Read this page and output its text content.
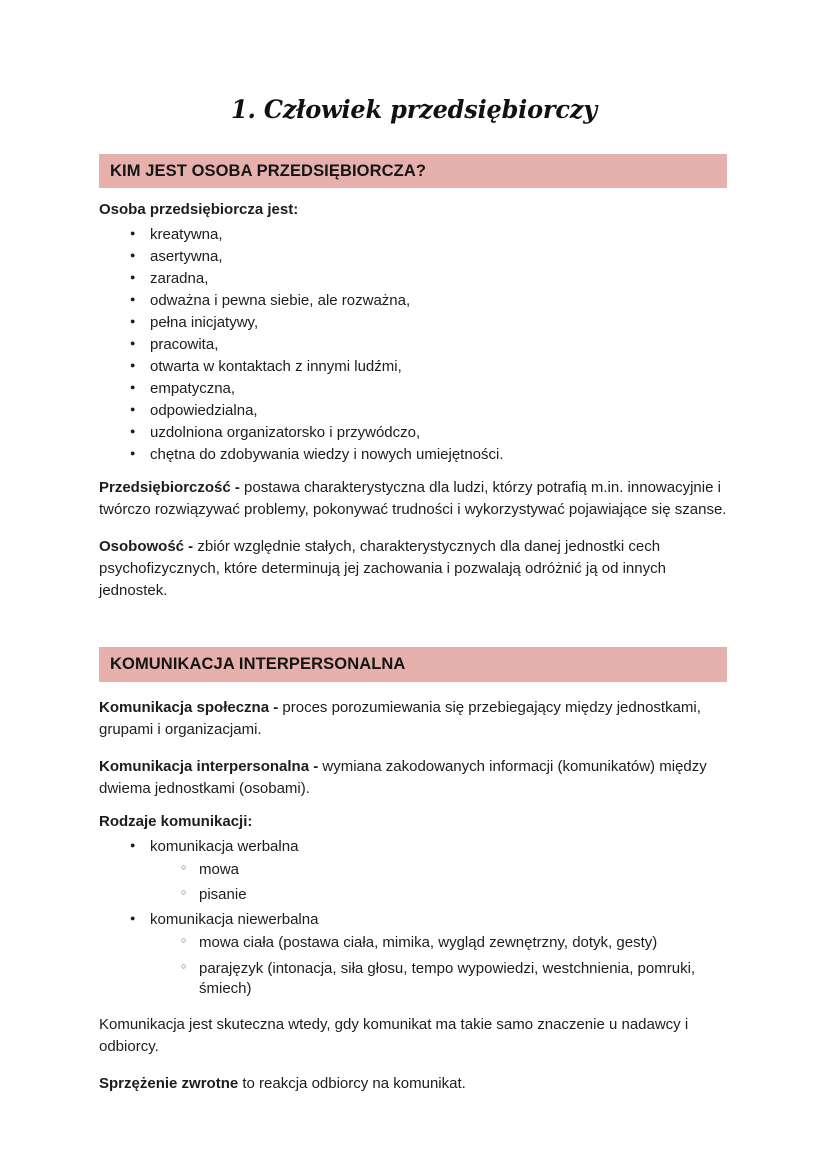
1. Człowiek przedsiębiorczy
KIM JEST OSOBA PRZEDSIĘBIORCZA?
Osoba przedsiębiorcza jest:
● kreatywna,
● asertywna,
● zaradna,
● odważna i pewna siebie, ale rozważna,
● pełna inicjatywy,
● pracowita,
● otwarta w kontaktach z innymi ludźmi,
● empatyczna,
● odpowiedzialna,
● uzdolniona organizatorsko i przywódczo,
● chętna do zdobywania wiedzy i nowych umiejętności.

Przedsiębiorczość - postawa charakterystyczna dla ludzi, którzy potrafią m.in. innowacyjnie i twórczo rozwiązywać problemy, pokonywać trudności i wykorzystywać pojawiające się szanse.

Osobowość - zbiór względnie stałych, charakterystycznych dla danej jednostki cech psychofizycznych, które determinują jej zachowania i pozwalają odróżnić ją od innych jednostek.

KOMUNIKACJA INTERPERSONALNA

Komunikacja społeczna - proces porozumiewania się przebiegający między jednostkami, grupami i organizacjami.

Komunikacja interpersonalna - wymiana zakodowanych informacji (komunikatów) między dwiema jednostkami (osobami).

Rodzaje komunikacji:
● komunikacja werbalna
○ mowa
○ pisanie
● komunikacja niewerbalna
○ mowa ciała (postawa ciała, mimika, wygląd zewnętrzny, dotyk, gesty)
○ parajęzyk (intonacja, siła głosu, tempo wypowiedzi, westchnienia, pomruki, śmiech)

Komunikacja jest skuteczna wtedy, gdy komunikat ma takie samo znaczenie u nadawcy i odbiorcy.

Sprzężenie zwrotne to reakcja odbiorcy na komunikat.
